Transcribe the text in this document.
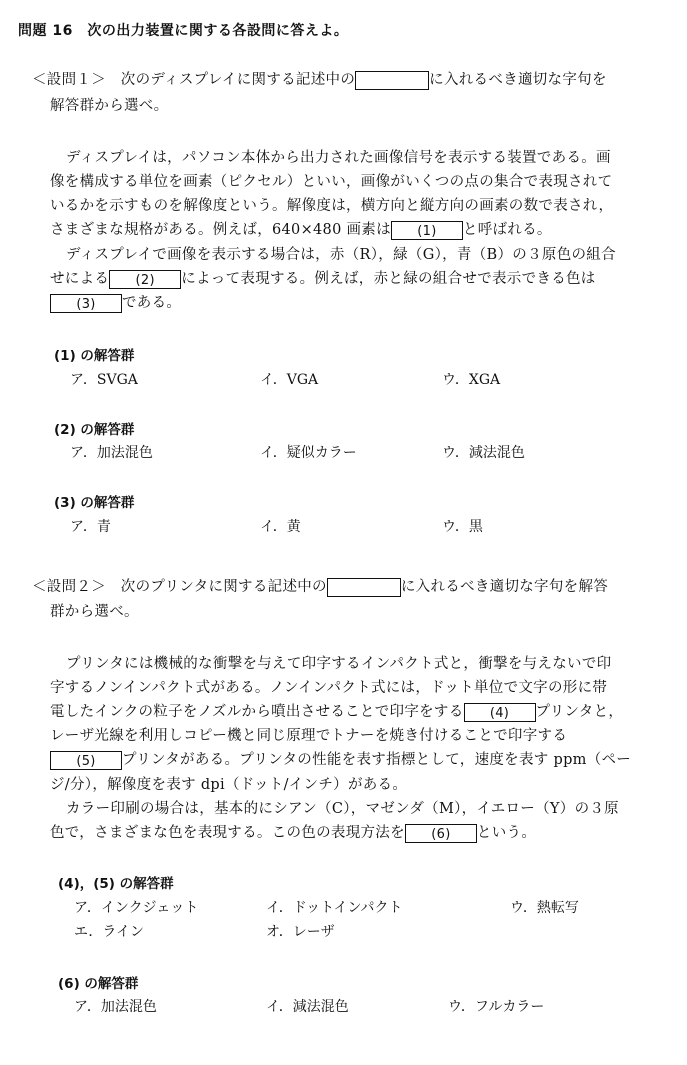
問題 16　次の出力装置に関する各設問に答えよ。
＜設問１＞　次のディスプレイに関する記述中の	に入れるべき適切な字句を
解答群から選べ。
ディスプレイは，パソコン本体から出力された画像信号を表示する装置である。画
像を構成する単位を画素（ピクセル）といい，画像がいくつの点の集合で表現されて
いるかを示すものを解像度という。解像度は，横方向と縦方向の画素の数で表され，
さまざまな規格がある。例えば，640×480 画素は (1) と呼ばれる。
ディスプレイで画像を表示する場合は，赤（R），緑（G），青（B）の３原色の組合
せによる (2) によって表現する。例えば，赤と緑の組合せで表示できる色は
(3) である。
(1) の解答群
ア．SVGA	イ．VGA	ウ．XGA
(2) の解答群
ア．加法混色	イ．疑似カラー	ウ．減法混色
(3) の解答群
ア．青	イ．黄	ウ．黒
＜設問２＞　次のプリンタに関する記述中の	に入れるべき適切な字句を解答
群から選べ。
プリンタには機械的な衝撃を与えて印字するインパクト式と，衝撃を与えないで印
字するノンインパクト式がある。ノンインパクト式には，ドット単位で文字の形に帯
電したインクの粒子をノズルから噴出させることで印字をする (4) プリンタと，
レーザ光線を利用しコピー機と同じ原理でトナーを焼き付けることで印字する
(5) プリンタがある。プリンタの性能を表す指標として，速度を表す ppm（ペー
ジ/分），解像度を表す dpi（ドット/インチ）がある。
カラー印刷の場合は，基本的にシアン（C），マゼンダ（M），イエロー（Y）の３原
色で，さまざまな色を表現する。この色の表現方法を (6) という。
(4)，(5) の解答群
ア．インクジェット	イ．ドットインパクト	ウ．熱転写
エ．ライン	オ．レーザ
(6) の解答群
ア．加法混色	イ．減法混色	ウ．フルカラー
